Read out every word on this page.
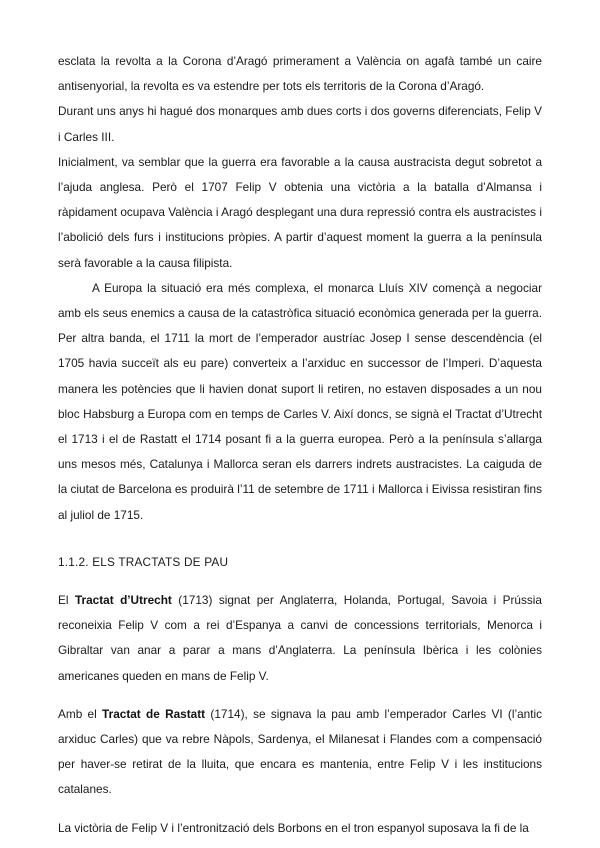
esclata la revolta a la Corona d’Aragó primerament a València on agafà també un caire antisenyorial, la revolta es va estendre per tots els territoris de la Corona d’Aragó.

Durant uns anys hi hagué dos monarques amb dues corts i dos governs diferenciats, Felip V i Carles III.

Inicialment, va semblar que la guerra era favorable a la causa austracista degut sobretot a l’ajuda anglesa. Però el 1707 Felip V obtenia una victòria a la batalla d’Almansa i ràpidament ocupava València i Aragó desplegant una dura repressió contra els austracistes i l’abolició dels furs i institucions pròpies. A partir d’aquest moment la guerra a la península serà favorable a la causa filipista.

A Europa la situació era més complexa, el monarca Lluís XIV començà a negociar amb els seus enemics a causa de la catastròfica situació econòmica generada per la guerra. Per altra banda, el 1711 la mort de l’emperador austríac Josep I sense descendència (el 1705 havia succeït als eu pare) converteix a l’arxiduc en successor de l’Imperi. D’aquesta manera les potències que li havien donat suport li retiren, no estaven disposades a un nou bloc Habsburg a Europa com en temps de Carles V. Així doncs, se signà el Tractat d’Utrecht el 1713 i el de Rastatt el 1714 posant fi a la guerra europea. Però a la península s’allarga uns mesos més, Catalunya i Mallorca seran els darrers indrets austracistes. La caiguda de la ciutat de Barcelona es produirà l’11 de setembre de 1711 i Mallorca i Eivissa resistiran fins al juliol de 1715.

1.1.2. ELS TRACTATS DE PAU

El Tractat d’Utrecht (1713) signat per Anglaterra, Holanda, Portugal, Savoia i Prússia reconeixia Felip V com a rei d’Espanya a canvi de concessions territorials, Menorca i Gibraltar van anar a parar a mans d’Anglaterra. La península Ibèrica i les colònies americanes queden en mans de Felip V.

Amb el Tractat de Rastatt (1714), se signava la pau amb l’emperador Carles VI (l’antic arxiduc Carles) que va rebre Nàpols, Sardenya, el Milanesat i Flandes com a compensació per haver-se retirat de la lluita, que encara es mantenia, entre Felip V i les institucions catalanes.

La victòria de Felip V i l’entronització dels Borbons en el tron espanyol suposava la fi de la
